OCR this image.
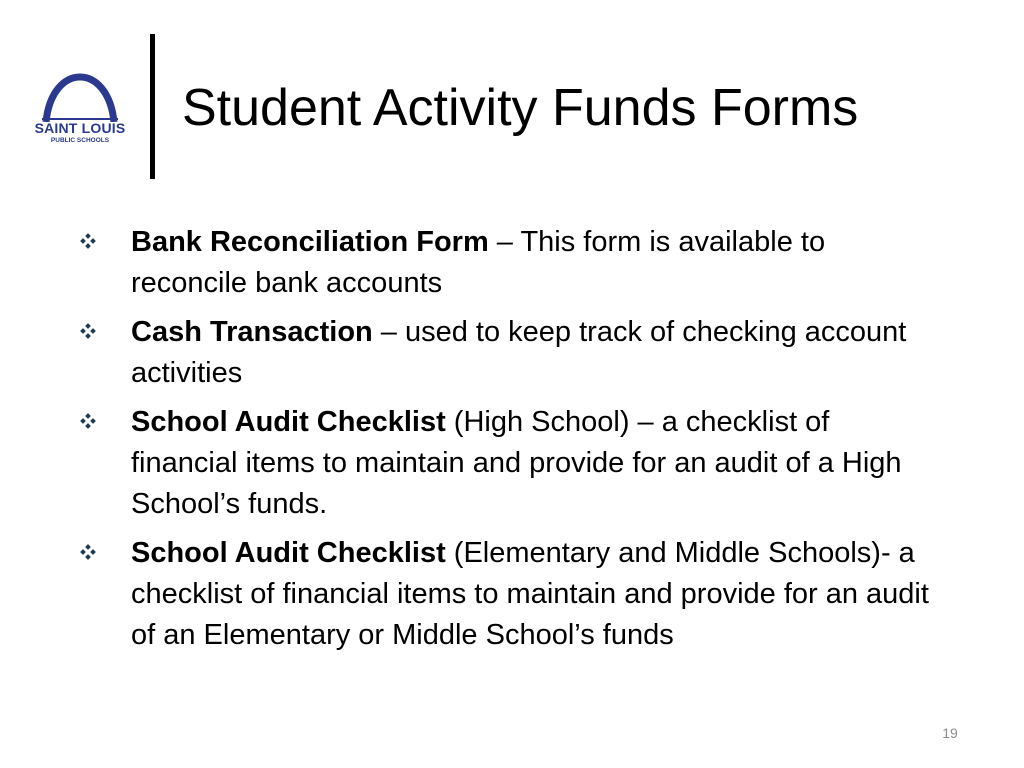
SAINT LOUIS
PUBLIC SCHOOLS
Student Activity Funds Forms
Bank Reconciliation Form – This form is available to reconcile bank accounts
Cash Transaction – used to keep track of checking account activities
School Audit Checklist (High School) – a checklist of financial items to maintain and provide for an audit of a High School’s funds.
School Audit Checklist (Elementary and Middle Schools)- a checklist of financial items to maintain and provide for an audit of an Elementary or Middle School’s funds
19
